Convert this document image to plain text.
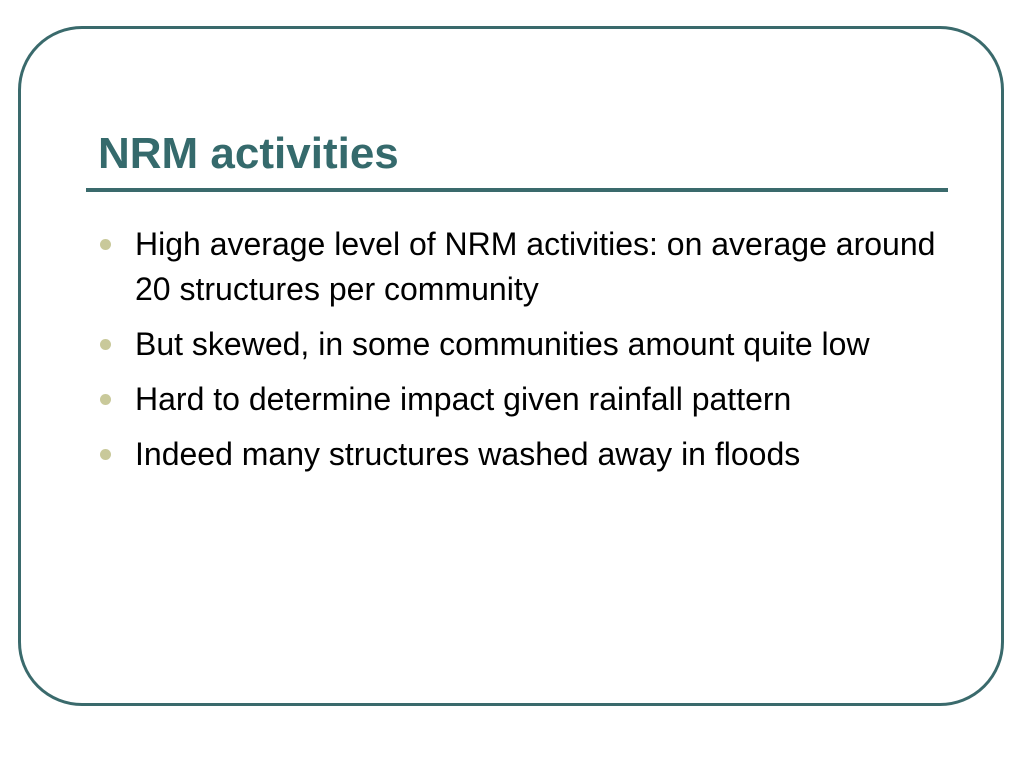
NRM activities
High average level of NRM activities: on average around 20 structures per community
But skewed, in some communities amount quite low
Hard to determine impact given rainfall pattern
Indeed many structures washed away in floods
